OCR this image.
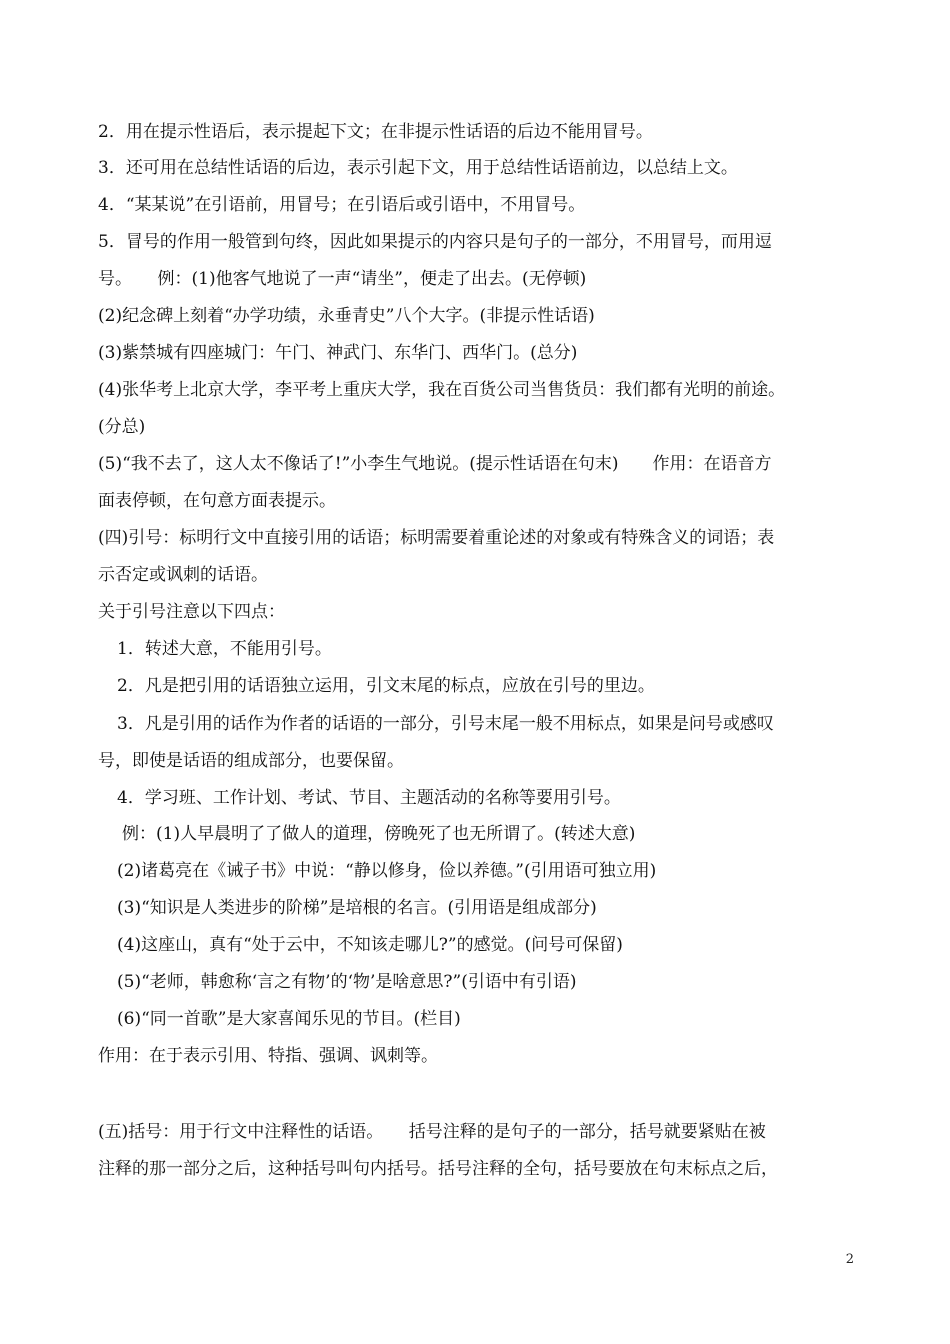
2．用在提示性语后，表示提起下文；在非提示性话语的后边不能用冒号。
3．还可用在总结性话语的后边，表示引起下文，用于总结性话语前边，以总结上文。
4．“某某说”在引语前，用冒号；在引语后或引语中，不用冒号。
5．冒号的作用一般管到句终，因此如果提示的内容只是句子的一部分，不用冒号，而用逗
号。　　例：(1)他客气地说了一声“请坐”，便走了出去。(无停顿)
(2)纪念碑上刻着“办学功绩，永垂青史”八个大字。(非提示性话语)
(3)紫禁城有四座城门：午门、神武门、东华门、西华门。(总分)
(4)张华考上北京大学，李平考上重庆大学，我在百货公司当售货员：我们都有光明的前途。
(分总)
(5)“我不去了，这人太不像话了!”小李生气地说。(提示性话语在句末)　　作用：在语音方
面表停顿，在句意方面表提示。
(四)引号：标明行文中直接引用的话语；标明需要着重论述的对象或有特殊含义的词语；表
示否定或讽刺的话语。
关于引号注意以下四点：
1．转述大意，不能用引号。
2．凡是把引用的话语独立运用，引文末尾的标点，应放在引号的里边。
3．凡是引用的话作为作者的话语的一部分，引号末尾一般不用标点，如果是问号或感叹
号，即使是话语的组成部分，也要保留。
4．学习班、工作计划、考试、节目、主题活动的名称等要用引号。
例：(1)人早晨明了了做人的道理，傍晚死了也无所谓了。(转述大意)
(2)诸葛亮在《诫子书》中说：“静以修身，俭以养德。”(引用语可独立用)
(3)“知识是人类进步的阶梯”是培根的名言。(引用语是组成部分)
(4)这座山，真有“处于云中，不知该走哪儿?”的感觉。(问号可保留)
(5)“老师，韩愈称‘言之有物’的‘物’是啥意思?”(引语中有引语)
(6)“同一首歌”是大家喜闻乐见的节目。(栏目)
作用：在于表示引用、特指、强调、讽刺等。
(五)括号：用于行文中注释性的话语。　　括号注释的是句子的一部分，括号就要紧贴在被
注释的那一部分之后，这种括号叫句内括号。括号注释的全句，括号要放在句末标点之后，
2
